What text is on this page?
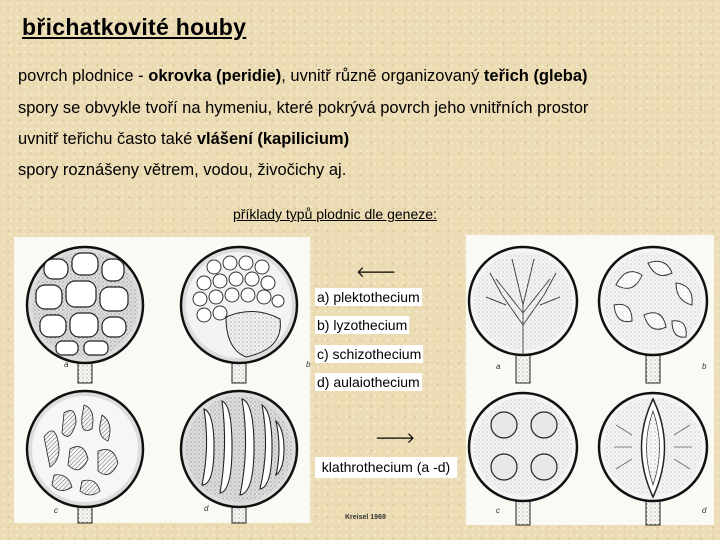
břichatkovité houby
povrch plodnice - okrovka (peridie), uvnitř různě organizovaný teřich (gleba)
spory se obvykle tvoří na hymeniu, které pokrývá povrch jeho vnitřních prostor
uvnitř teřichu často také vlášení (kapilicium)
spory roznášeny větrem, vodou, živočichy aj.
příklady typů plodnic dle geneze:
a	b
c	d
a	b
c	d
🡐
a) plektothecium
b) lyzothecium
c) schizothecium
d) aulaiothecium
🡒
klathrothecium (a -d)
Kreisel 1969
